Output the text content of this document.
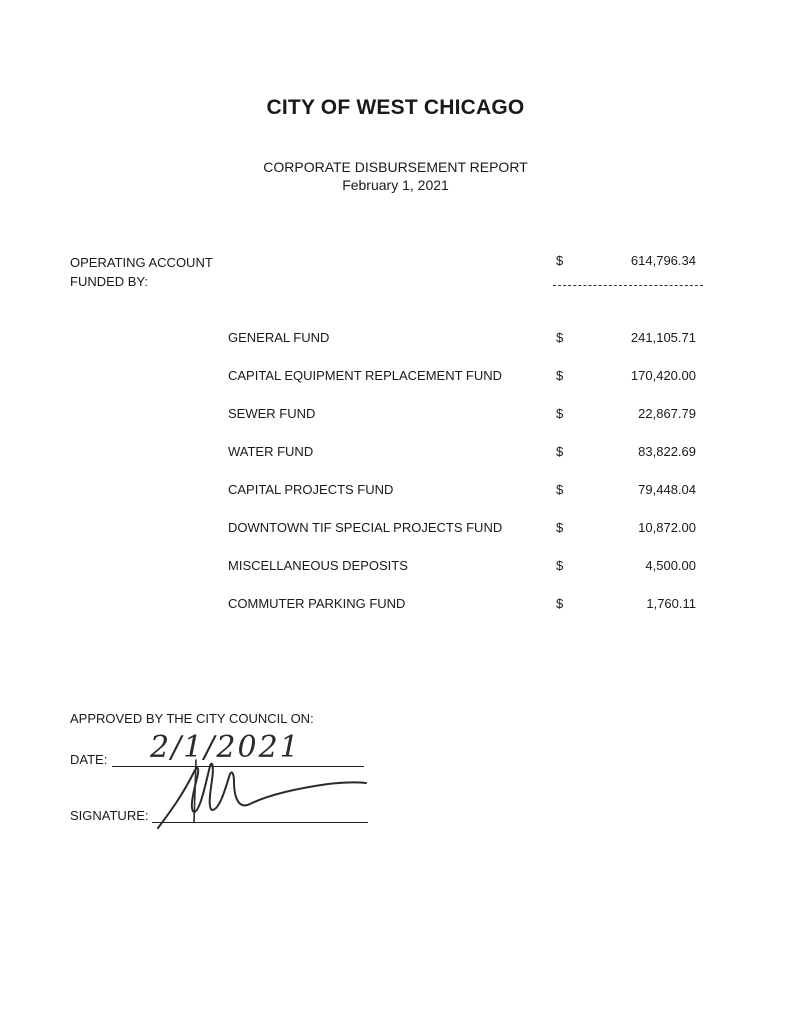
CITY OF WEST CHICAGO
CORPORATE DISBURSEMENT REPORT
February 1, 2021
OPERATING ACCOUNT
FUNDED BY:
$	614,796.34
GENERAL FUND	$	241,105.71
CAPITAL EQUIPMENT REPLACEMENT FUND	$	170,420.00
SEWER FUND	$	22,867.79
WATER FUND	$	83,822.69
CAPITAL PROJECTS FUND	$	79,448.04
DOWNTOWN TIF SPECIAL PROJECTS FUND	$	10,872.00
MISCELLANEOUS DEPOSITS	$	4,500.00
COMMUTER PARKING FUND	$	1,760.11
APPROVED BY THE CITY COUNCIL ON:
DATE: 2/1/2021
SIGNATURE:
